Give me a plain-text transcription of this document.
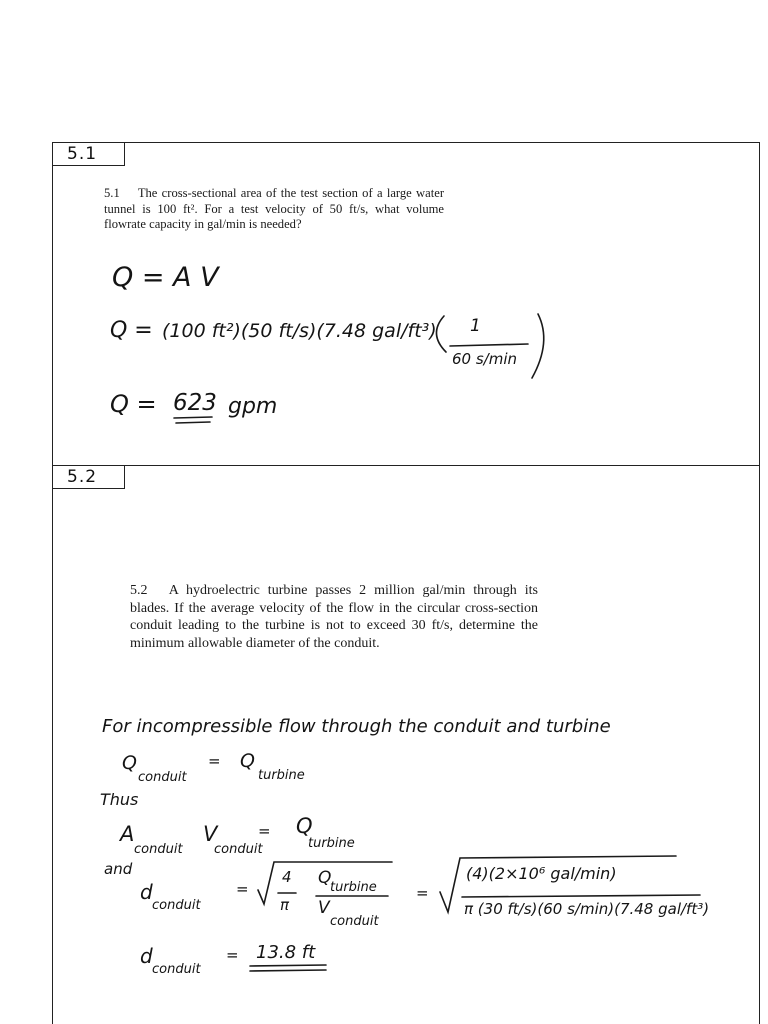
5.1
5.2
5.1 The cross-sectional area of the test section of a large water tunnel is 100 ft². For a test velocity of 50 ft/s, what volume flowrate capacity in gal/min is needed?
Q = A V
Q = (100 ft²)(50 ft/s)(7.48 gal/ft³) 1
60 s/min
Q = 623 gpm
5.2 A hydroelectric turbine passes 2 million gal/min through its blades. If the average velocity of the flow in the circular cross-section conduit leading to the turbine is not to exceed 30 ft/s, determine the minimum allowable diameter of the conduit.
For incompressible flow through the conduit and turbine
Q
conduit
= Q
turbine
Thus
A
conduit
V
conduit
= Q
turbine
and
d
conduit
=
4
π
Q
turbine
V
conduit
=
(4)(2×10⁶ gal/min)
π (30 ft/s)(60 s/min)(7.48 gal/ft³)
d
conduit
= 13.8 ft
